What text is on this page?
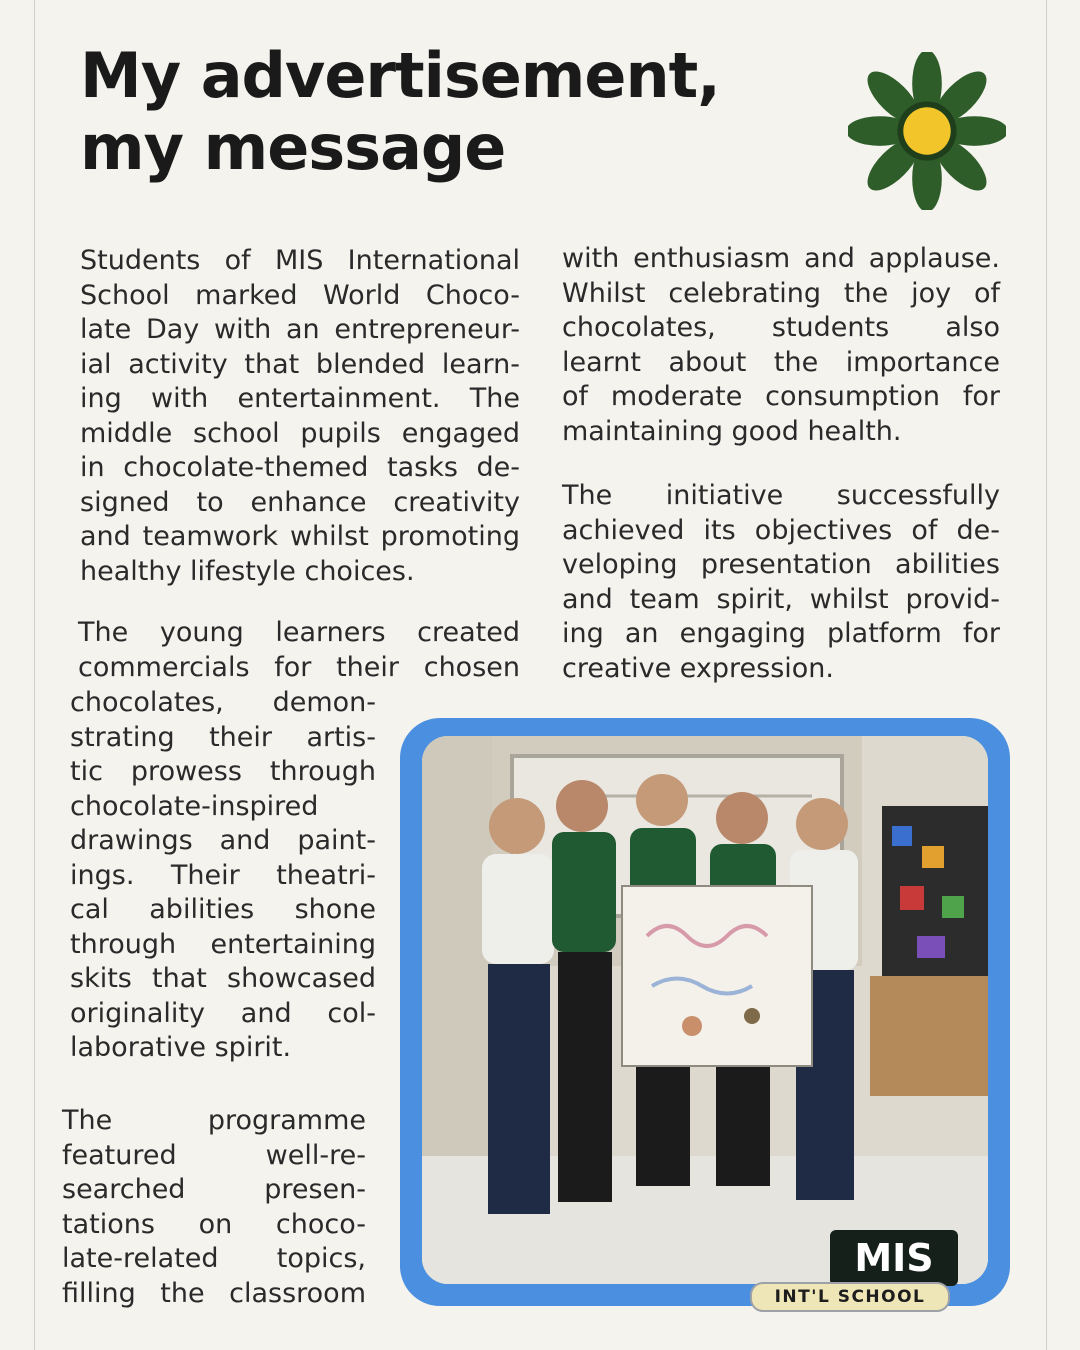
My advertisement,
my message

Students of MIS International
School marked World Choco-
late Day with an entrepreneur-
ial activity that blended learn-
ing with entertainment. The
middle school pupils engaged
in chocolate-themed tasks de-
signed to enhance creativity
and teamwork whilst promoting
healthy lifestyle choices.

The young learners created
commercials for their chosen
chocolates, demon-
strating their artis-
tic prowess through
chocolate-inspired
drawings and paint-
ings. Their theatri-
cal abilities shone
through entertaining
skits that showcased
originality and col-
laborative spirit.
The programme
featured well-re-
searched presen-
tations on choco-
late-related topics,
filling the classroom

with enthusiasm and applause.
Whilst celebrating the joy of
chocolates, students also
learnt about the importance
of moderate consumption for
maintaining good health.

The initiative successfully
achieved its objectives of de-
veloping presentation abilities
and team spirit, whilst provid-
ing an engaging platform for
creative expression.

MIS
INT'L SCHOOL
